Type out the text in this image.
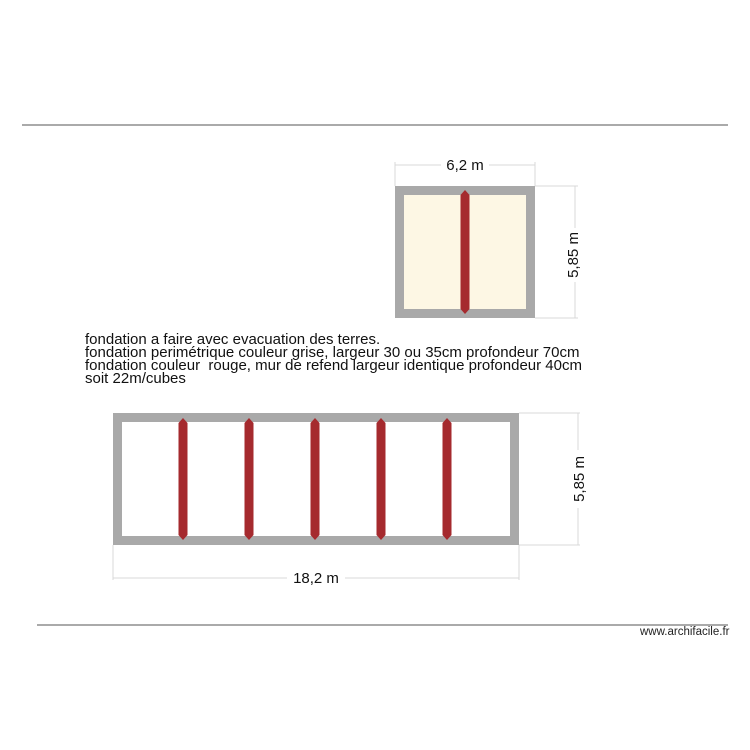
6,2 m
5,85 m
5,85 m
18,2 m
fondation a faire avec evacuation des terres.
fondation perimétrique couleur grise, largeur 30 ou 35cm profondeur 70cm
fondation couleur  rouge, mur de refend largeur identique profondeur 40cm
soit 22m/cubes
www.archifacile.fr
